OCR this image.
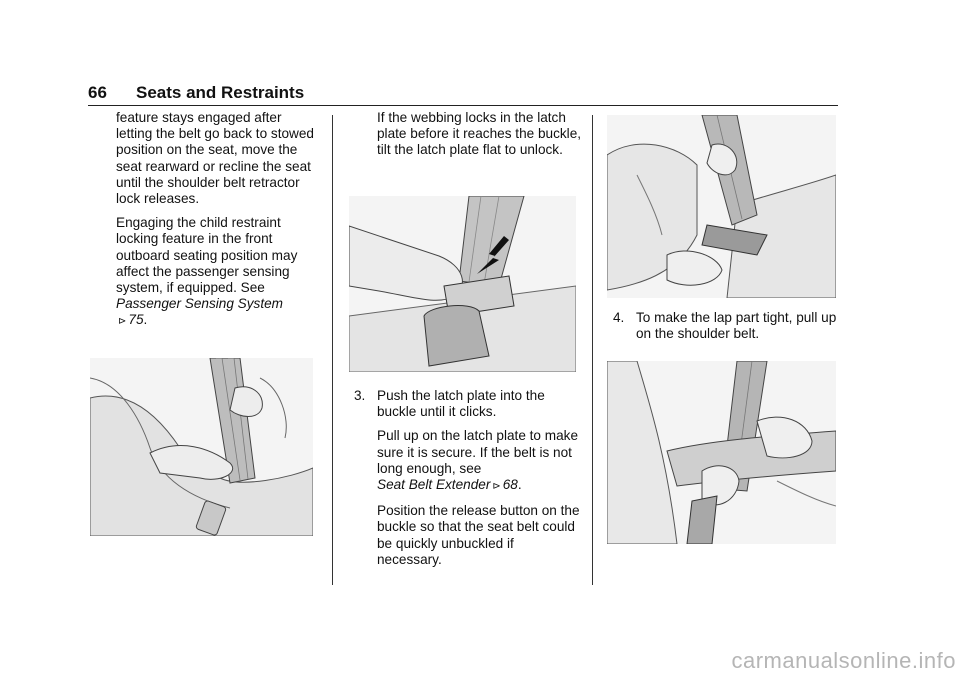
66 Seats and Restraints

feature stays engaged after letting the belt go back to stowed position on the seat, move the seat rearward or recline the seat until the shoulder belt retractor lock releases.

Engaging the child restraint locking feature in the front outboard seating position may affect the passenger sensing system, if equipped. See Passenger Sensing System
⊳ 75.

If the webbing locks in the latch plate before it reaches the buckle, tilt the latch plate flat to unlock.

3. Push the latch plate into the buckle until it clicks.

Pull up on the latch plate to make sure it is secure. If the belt is not long enough, see
Seat Belt Extender ⊳ 68.

Position the release button on the buckle so that the seat belt could be quickly unbuckled if necessary.

4. To make the lap part tight, pull up on the shoulder belt.
carmanualsonline.info
